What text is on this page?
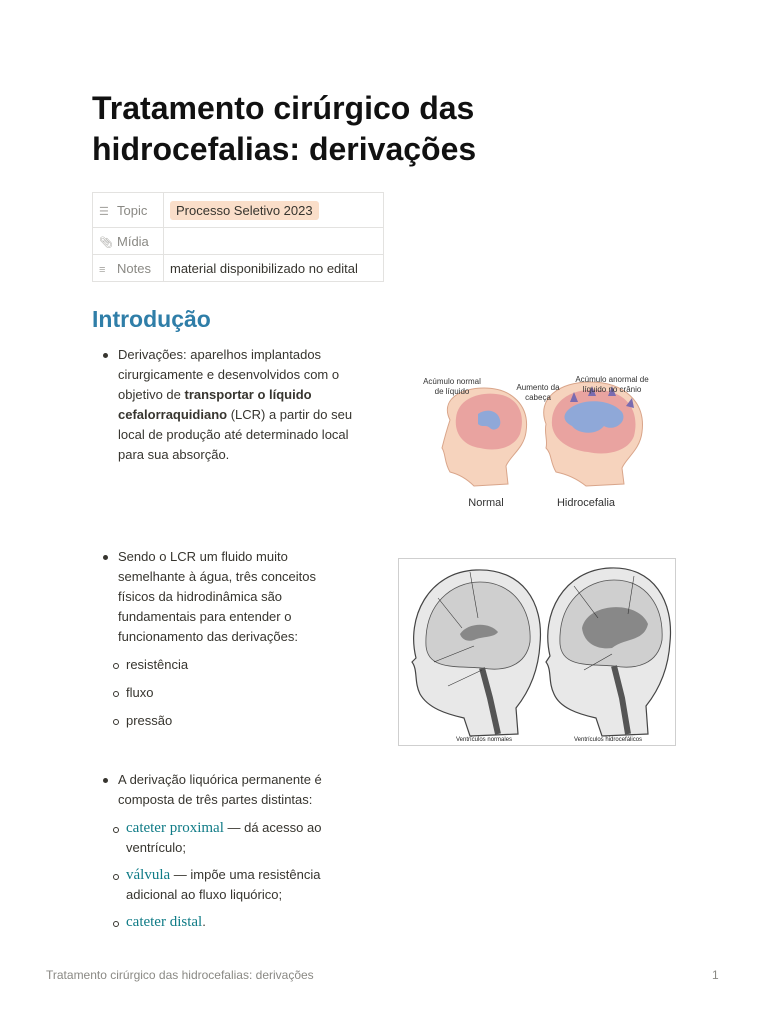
Tratamento cirúrgico das
hidrocefalias: derivações
☰ Topic	Processo Seletivo 2023
📎︎ Mídia	
≡ Notes	material disponibilizado no edital
Introdução
Derivações: aparelhos implantados cirurgicamente e desenvolvidos com o objetivo de transportar o líquido cefalorraquidiano (LCR) a partir do seu local de produção até determinado local para sua absorção.
Acúmulo normal
de líquido	Aumento da
cabeça
Acúmulo anormal de
líquido no crânio
Normal	Hidrocefalia
Sendo o LCR um fluido muito semelhante à água, três conceitos físicos da hidrodinâmica são fundamentais para entender o funcionamento das derivações:
resistência
fluxo
pressão
Ventrículos normales	Ventrículos hidrocefálicos
A derivação liquórica permanente é composta de três partes distintas:
cateter proximal — dá acesso ao ventrículo;
válvula — impõe uma resistência adicional ao fluxo liquórico;
cateter distal.
Tratamento cirúrgico das hidrocefalias: derivações	1
